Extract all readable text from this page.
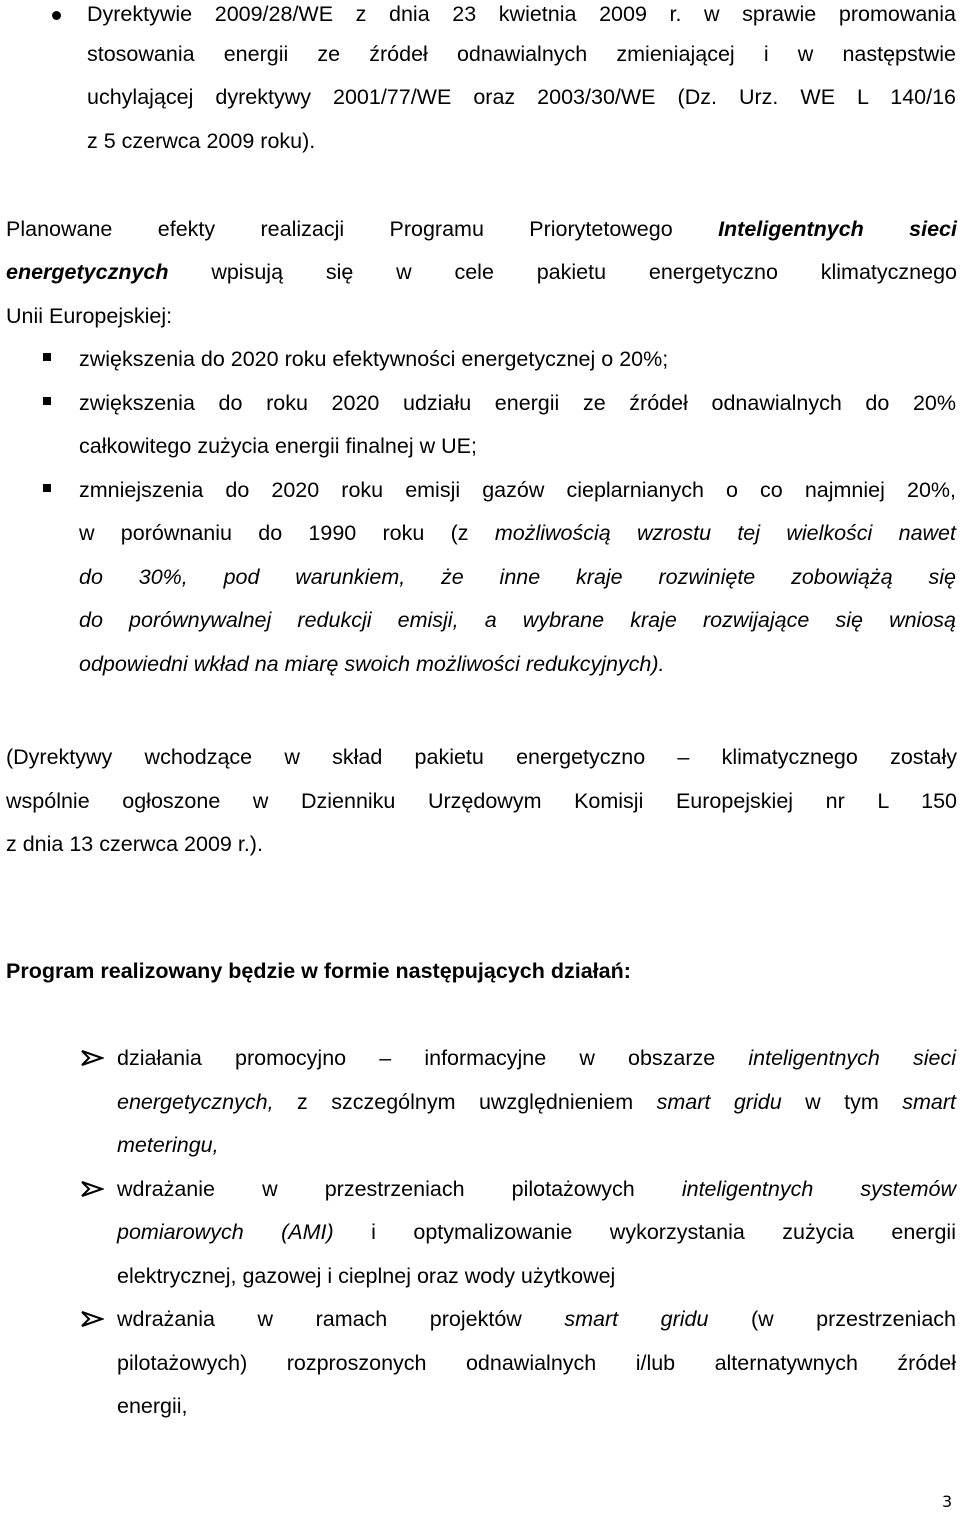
Dyrektywie 2009/28/WE z dnia 23 kwietnia 2009 r. w sprawie promowania
stosowania energii ze źródeł odnawialnych zmieniającej i w następstwie
uchylającej dyrektywy 2001/77/WE oraz 2003/30/WE (Dz. Urz. WE L 140/16
z 5 czerwca 2009 roku).
Planowane efekty realizacji Programu Priorytetowego Inteligentnych sieci
energetycznych wpisują się w cele pakietu energetyczno klimatycznego
Unii Europejskiej:
zwiększenia do 2020 roku efektywności energetycznej o 20%;
zwiększenia do roku 2020 udziału energii ze źródeł odnawialnych do 20%
całkowitego zużycia energii finalnej w UE;
zmniejszenia do 2020 roku emisji gazów cieplarnianych o co najmniej 20%,
w porównaniu do 1990 roku (z możliwością wzrostu tej wielkości nawet
do 30%, pod warunkiem, że inne kraje rozwinięte zobowiążą się
do porównywalnej redukcji emisji, a wybrane kraje rozwijające się wniosą
odpowiedni wkład na miarę swoich możliwości redukcyjnych).
(Dyrektywy wchodzące w skład pakietu energetyczno – klimatycznego zostały
wspólnie ogłoszone w Dzienniku Urzędowym Komisji Europejskiej nr L 150
z dnia 13 czerwca 2009 r.).
Program realizowany będzie w formie następujących działań:
działania promocyjno – informacyjne w obszarze inteligentnych sieci
energetycznych, z szczególnym uwzględnieniem smart gridu w tym smart
meteringu,
wdrażanie w przestrzeniach pilotażowych inteligentnych systemów
pomiarowych (AMI) i optymalizowanie wykorzystania zużycia energii
elektrycznej, gazowej i cieplnej oraz wody użytkowej
wdrażania w ramach projektów smart gridu (w przestrzeniach
pilotażowych) rozproszonych odnawialnych i/lub alternatywnych źródeł
energii,
3
